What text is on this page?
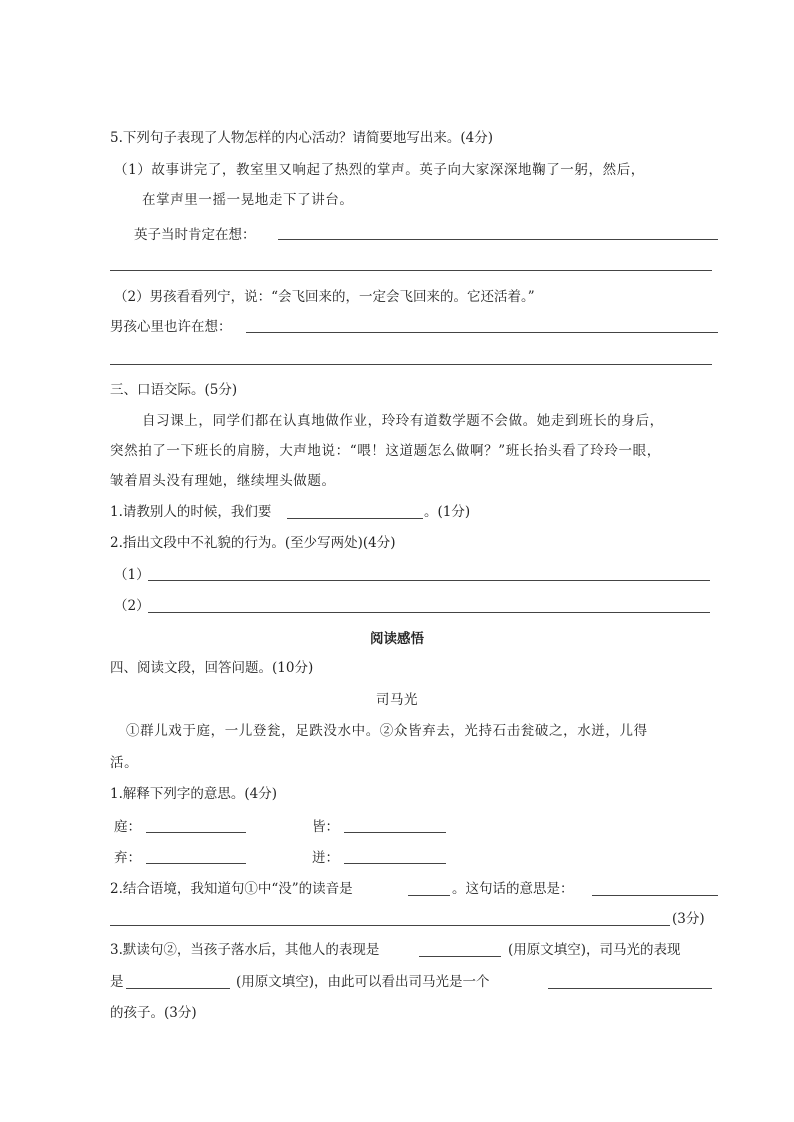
5.下列句子表现了人物怎样的内心活动？请简要地写出来。(4分)
（1）故事讲完了，教室里又响起了热烈的掌声。英子向大家深深地鞠了一躬，然后，
在掌声里一摇一晃地走下了讲台。
英子当时肯定在想：
（2）男孩看看列宁，说：“会飞回来的，一定会飞回来的。它还活着。”
男孩心里也许在想：
三、口语交际。(5分)
自习课上，同学们都在认真地做作业，玲玲有道数学题不会做。她走到班长的身后，
突然拍了一下班长的肩膀，大声地说：“喂！这道题怎么做啊？”班长抬头看了玲玲一眼，
皱着眉头没有理她，继续埋头做题。
1.请教别人的时候，我们要	。(1分)
2.指出文段中不礼貌的行为。(至少写两处)(4分)
（1）
（2）
阅读感悟
四、阅读文段，回答问题。(10分)
司马光
①群儿戏于庭，一儿登瓮，足跌没水中。②众皆弃去，光持石击瓮破之，水迸，儿得
活。
1.解释下列字的意思。(4分)
庭：	皆：
弃：	迸：
2.结合语境，我知道句①中“没”的读音是	。这句话的意思是：
(3分)
3.默读句②，当孩子落水后，其他人的表现是	(用原文填空)，司马光的表现
是	(用原文填空)，由此可以看出司马光是一个
的孩子。(3分)
